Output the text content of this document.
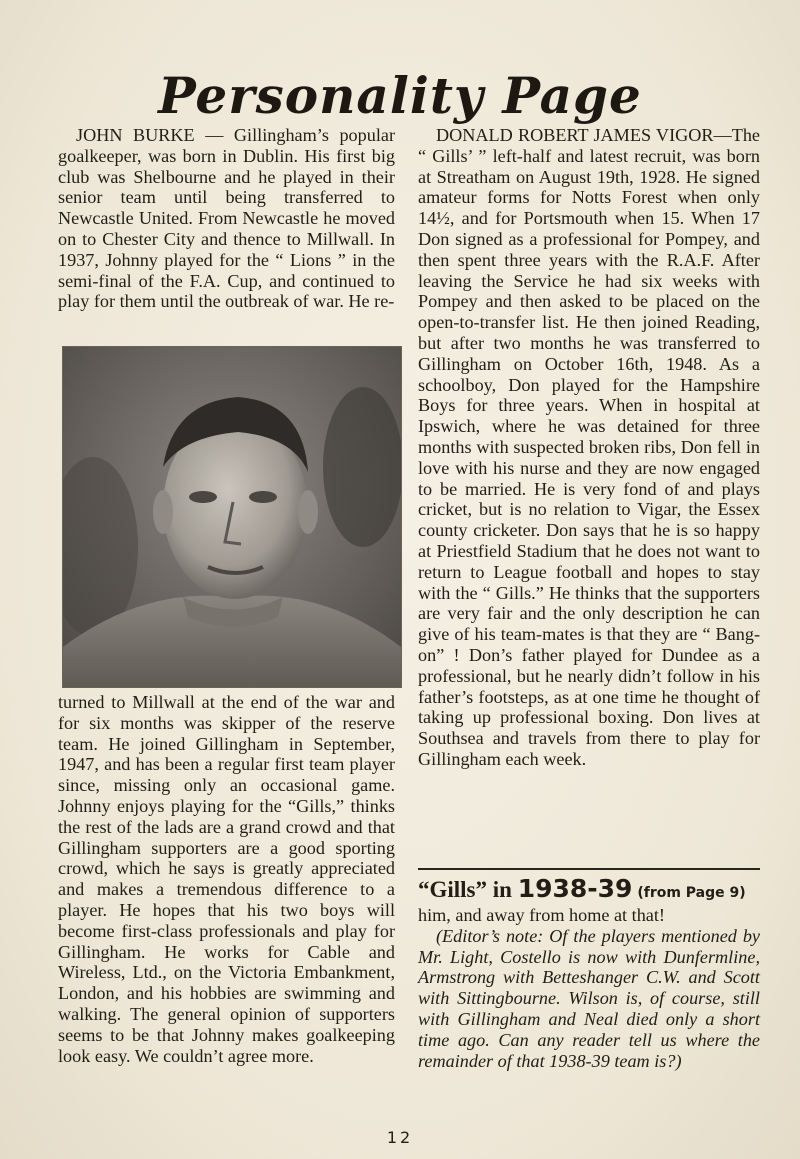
Personality Page

JOHN BURKE — Gillingham’s popular goalkeeper, was born in Dublin. His first big club was Shelbourne and he played in their senior team until being transferred to Newcastle United. From Newcastle he moved on to Chester City and thence to Millwall. In 1937, Johnny played for the “ Lions ” in the semi-final of the F.A. Cup, and continued to play for them until the outbreak of war. He re-

turned to Millwall at the end of the war and for six months was skipper of the reserve team. He joined Gillingham in September, 1947, and has been a regular first team player since, missing only an occasional game. Johnny enjoys playing for the “Gills,” thinks the rest of the lads are a grand crowd and that Gillingham supporters are a good sporting crowd, which he says is greatly appreciated and makes a tremendous difference to a player. He hopes that his two boys will become first-class professionals and play for Gillingham. He works for Cable and Wireless, Ltd., on the Victoria Embankment, London, and his hobbies are swimming and walking. The general opinion of supporters seems to be that Johnny makes goalkeeping look easy. We couldn’t agree more.

DONALD ROBERT JAMES VIGOR—The “ Gills’ ” left-half and latest recruit, was born at Streatham on August 19th, 1928. He signed amateur forms for Notts Forest when only 14½, and for Portsmouth when 15. When 17 Don signed as a professional for Pompey, and then spent three years with the R.A.F. After leaving the Service he had six weeks with Pompey and then asked to be placed on the open-to-transfer list. He then joined Reading, but after two months he was transferred to Gillingham on October 16th, 1948. As a schoolboy, Don played for the Hampshire Boys for three years. When in hospital at Ipswich, where he was detained for three months with suspected broken ribs, Don fell in love with his nurse and they are now engaged to be married. He is very fond of and plays cricket, but is no relation to Vigar, the Essex county cricketer. Don says that he is so happy at Priestfield Stadium that he does not want to return to League football and hopes to stay with the “ Gills.” He thinks that the supporters are very fair and the only description he can give of his team-mates is that they are “ Bang-on” ! Don’s father played for Dundee as a professional, but he nearly didn’t follow in his father’s footsteps, as at one time he thought of taking up professional boxing. Don lives at Southsea and travels from there to play for Gillingham each week.

“Gills” in 1938-39 (from Page 9)

him, and away from home at that!

(Editor’s note: Of the players mentioned by Mr. Light, Costello is now with Dunfermline, Armstrong with Betteshanger C.W. and Scott with Sittingbourne. Wilson is, of course, still with Gillingham and Neal died only a short time ago. Can any reader tell us where the remainder of that 1938-39 team is?)

12
